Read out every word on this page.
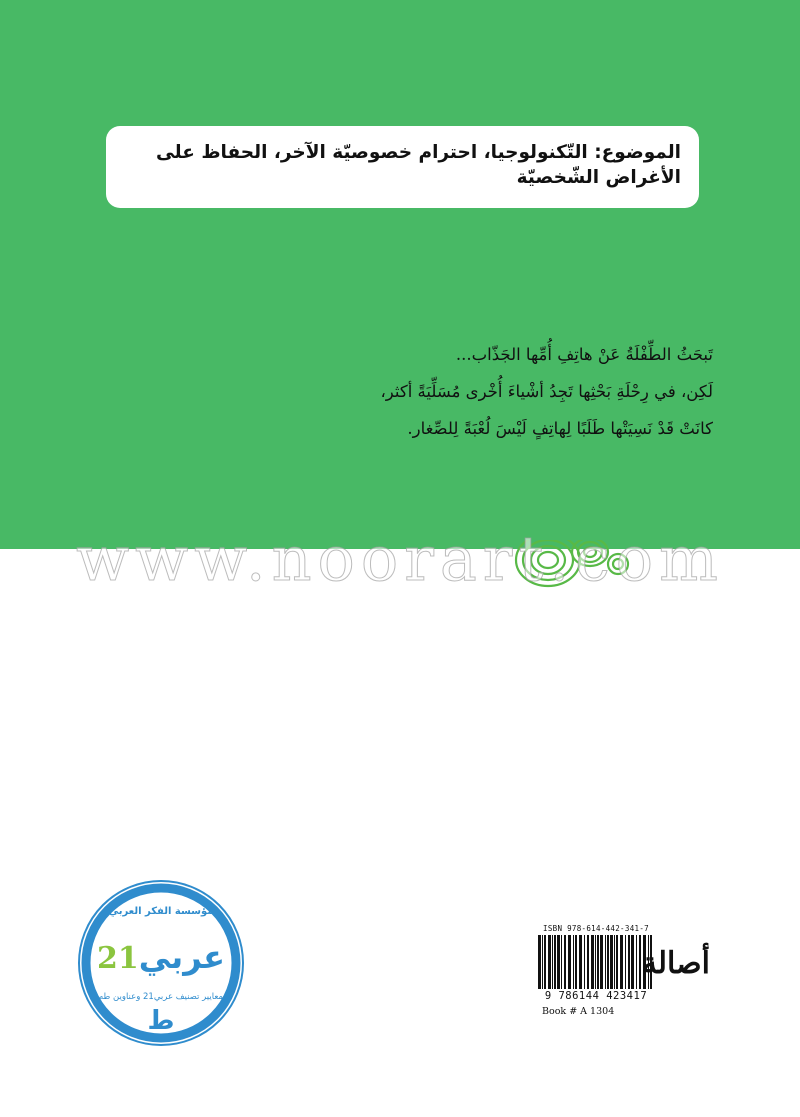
الموضوع: التّكنولوجيا، احترام خصوصيّة الآخر، الحفاظ على
الأغراض الشّخصيّة
تَبحَثُ الطِّفْلَةُ عَنْ هاتِفِ أُمِّها الجَذّاب...
لَكِن، في رِحْلَةِ بَحْثِها تَجِدُ أشْياءَ أُخْرى مُسَلِّيَةً أكثر،
كانَتْ قَدْ نَسِيَتْها طَلَبًا لِهاتِفٍ لَيْسَ لُعْبَةً لِلصِّغار.
www.noorart.com
مؤسسة الفكر العربي
عربي21
معايير تصنيف عربي21 وعناوين طه
ط
ISBN 978-614-442-341-7
9 786144 423417
Book # A 1304
أصالة
